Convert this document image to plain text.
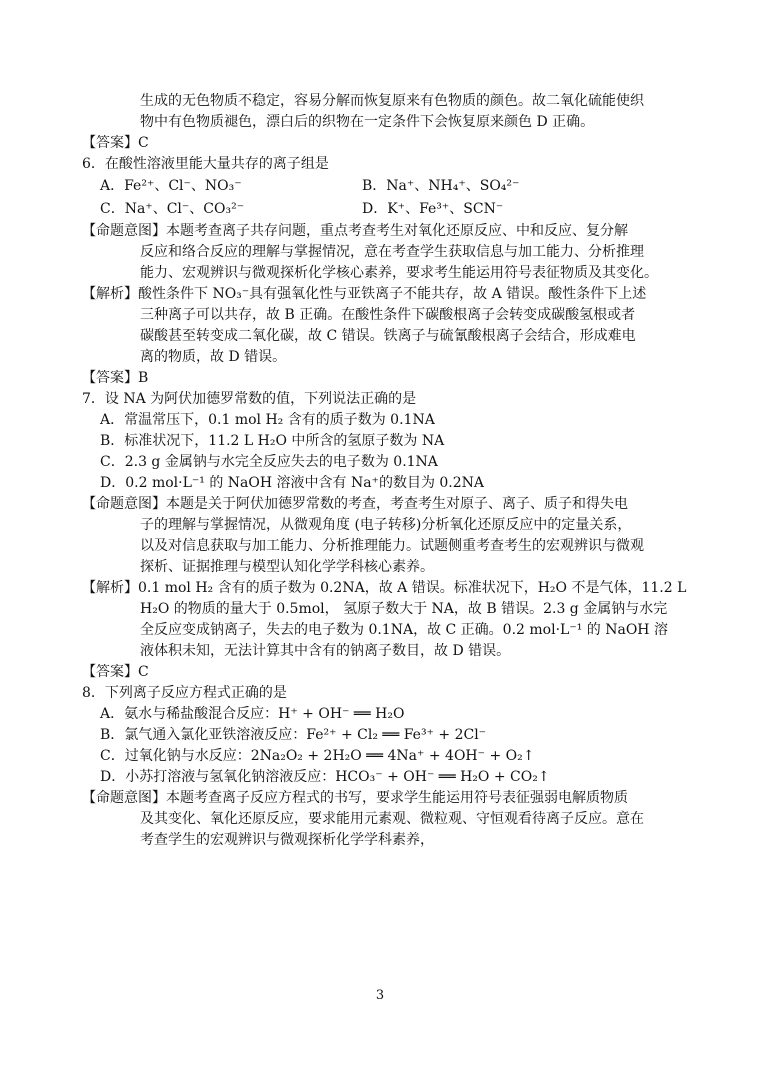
生成的无色物质不稳定，容易分解而恢复原来有色物质的颜色。故二氧化硫能使织
物中有色物质褪色，漂白后的织物在一定条件下会恢复原来颜色 D 正确。
【答案】C
6．在酸性溶液里能大量共存的离子组是
A．Fe²⁺、Cl⁻、NO₃⁻	B．Na⁺、NH₄⁺、SO₄²⁻
C．Na⁺、Cl⁻、CO₃²⁻	D．K⁺、Fe³⁺、SCN⁻
【命题意图】本题考查离子共存问题，重点考查考生对氧化还原反应、中和反应、复分解
反应和络合反应的理解与掌握情况，意在考查学生获取信息与加工能力、分析推理
能力、宏观辨识与微观探析化学核心素养，要求考生能运用符号表征物质及其变化。
【解析】酸性条件下 NO₃⁻具有强氧化性与亚铁离子不能共存，故 A 错误。酸性条件下上述
三种离子可以共存，故 B 正确。在酸性条件下碳酸根离子会转变成碳酸氢根或者
碳酸甚至转变成二氧化碳，故 C 错误。铁离子与硫氰酸根离子会结合，形成难电
离的物质，故 D 错误。
【答案】B
7．设 NA 为阿伏加德罗常数的值，下列说法正确的是
A．常温常压下，0.1 mol H₂ 含有的质子数为 0.1NA
B．标准状况下，11.2 L H₂O 中所含的氢原子数为 NA
C．2.3 g 金属钠与水完全反应失去的电子数为 0.1NA
D．0.2 mol·L⁻¹ 的 NaOH 溶液中含有 Na⁺的数目为 0.2NA
【命题意图】本题是关于阿伏加德罗常数的考查，考查考生对原子、离子、质子和得失电
子的理解与掌握情况，从微观角度 (电子转移)分析氧化还原反应中的定量关系，
以及对信息获取与加工能力、分析推理能力。试题侧重考查考生的宏观辨识与微观
探析、证据推理与模型认知化学学科核心素养。
【解析】0.1 mol H₂ 含有的质子数为 0.2NA，故 A 错误。标准状况下，H₂O 不是气体，11.2 L
H₂O 的物质的量大于 0.5mol， 氢原子数大于 NA，故 B 错误。2.3 g 金属钠与水完
全反应变成钠离子，失去的电子数为 0.1NA，故 C 正确。0.2 mol·L⁻¹ 的 NaOH 溶
液体积未知，无法计算其中含有的钠离子数目，故 D 错误。
【答案】C
8．下列离子反应方程式正确的是
A．氨水与稀盐酸混合反应：H⁺ + OH⁻ ══ H₂O
B．氯气通入氯化亚铁溶液反应：Fe²⁺ + Cl₂ ══ Fe³⁺ + 2Cl⁻
C．过氧化钠与水反应：2Na₂O₂ + 2H₂O ══ 4Na⁺ + 4OH⁻ + O₂↑
D．小苏打溶液与氢氧化钠溶液反应：HCO₃⁻ + OH⁻ ══ H₂O + CO₂↑
【命题意图】本题考查离子反应方程式的书写，要求学生能运用符号表征强弱电解质物质
及其变化、氧化还原反应，要求能用元素观、微粒观、守恒观看待离子反应。意在
考查学生的宏观辨识与微观探析化学学科素养，
3
